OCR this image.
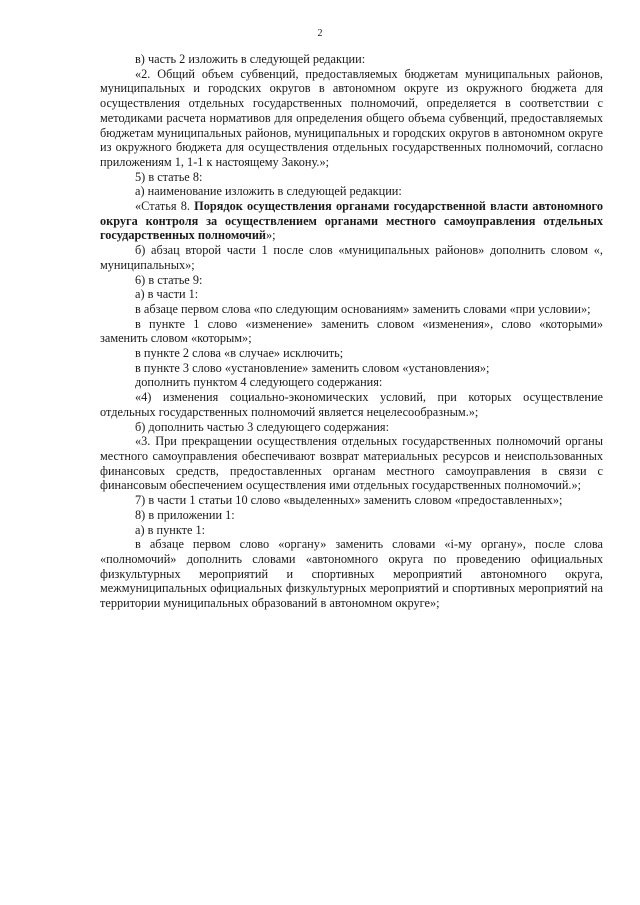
2

в) часть 2 изложить в следующей редакции:

«2. Общий объем субвенций, предоставляемых бюджетам муниципальных районов, муниципальных и городских округов в автономном округе из окружного бюджета для осуществления отдельных государственных полномочий, определяется в соответствии с методиками расчета нормативов для определения общего объема субвенций, предоставляемых бюджетам муниципальных районов, муниципальных и городских округов в автономном округе из окружного бюджета для осуществления отдельных государственных полномочий, согласно приложениям 1, 1-1 к настоящему Закону.»;

5) в статье 8:

а) наименование изложить в следующей редакции:

«Статья 8. Порядок осуществления органами государственной власти автономного округа контроля за осуществлением органами местного самоуправления отдельных государственных полномочий»;

б) абзац второй части 1 после слов «муниципальных районов» дополнить словом «, муниципальных»;

6) в статье 9:

а) в части 1:

в абзаце первом слова «по следующим основаниям» заменить словами «при условии»;

в пункте 1 слово «изменение» заменить словом «изменения», слово «которыми» заменить словом «которым»;

в пункте 2 слова «в случае» исключить;

в пункте 3 слово «установление» заменить словом «установления»;

дополнить пунктом 4 следующего содержания:

«4) изменения социально-экономических условий, при которых осуществление отдельных государственных полномочий является нецелесообразным.»;

б) дополнить частью 3 следующего содержания:

«3. При прекращении осуществления отдельных государственных полномочий органы местного самоуправления обеспечивают возврат материальных ресурсов и неиспользованных финансовых средств, предоставленных органам местного самоуправления в связи с финансовым обеспечением осуществления ими отдельных государственных полномочий.»;

7) в части 1 статьи 10 слово «выделенных» заменить словом «предоставленных»;

8) в приложении 1:

а) в пункте 1:

в абзаце первом слово «органу» заменить словами «i-му органу», после слова «полномочий» дополнить словами «автономного округа по проведению официальных физкультурных мероприятий и спортивных мероприятий автономного округа, межмуниципальных официальных физкультурных мероприятий и спортивных мероприятий на территории муниципальных образований в автономном округе»;
